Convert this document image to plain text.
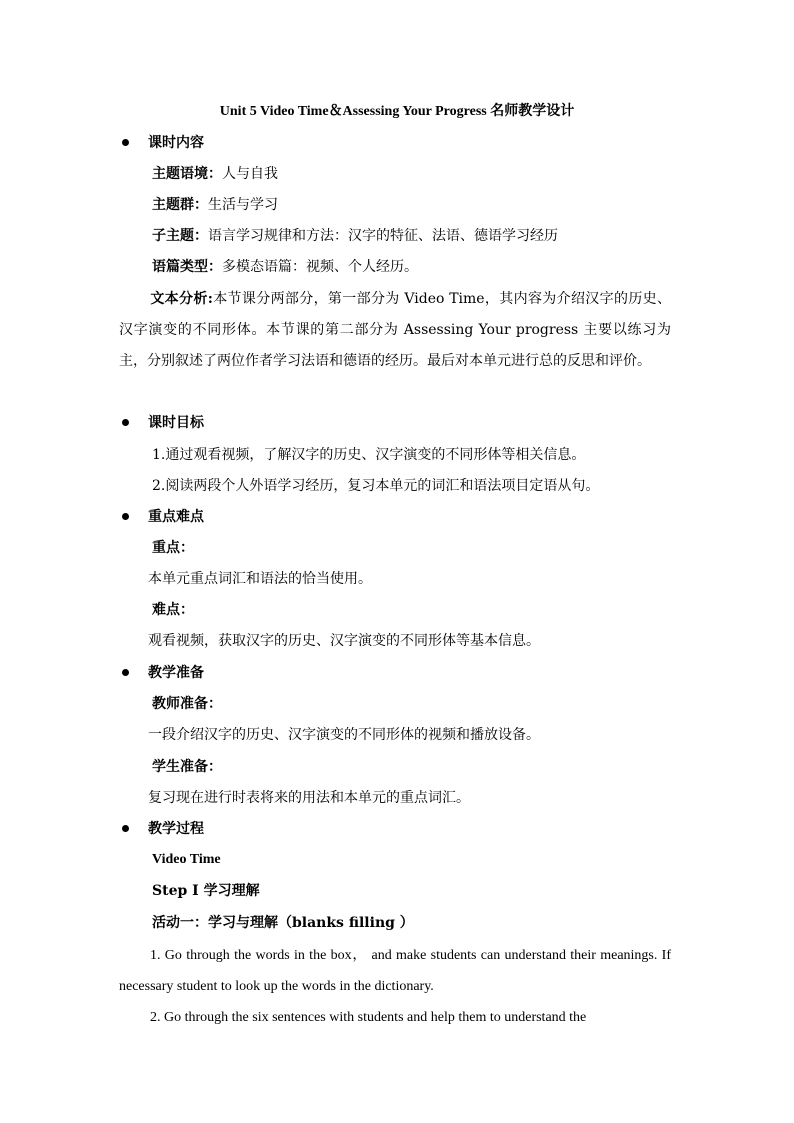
Unit 5 Video Time＆Assessing Your Progress 名师教学设计
课时内容
主题语境：人与自我
主题群：生活与学习
子主题：语言学习规律和方法：汉字的特征、法语、德语学习经历
语篇类型：多模态语篇：视频、个人经历。
文本分析:本节课分两部分，第一部分为 Video Time，其内容为介绍汉字的历史、汉字演变的不同形体。本节课的第二部分为 Assessing Your progress 主要以练习为主，分别叙述了两位作者学习法语和德语的经历。最后对本单元进行总的反思和评价。
课时目标
1.通过观看视频，了解汉字的历史、汉字演变的不同形体等相关信息。
2.阅读两段个人外语学习经历，复习本单元的词汇和语法项目定语从句。
重点难点
重点：
本单元重点词汇和语法的恰当使用。
难点：
观看视频，获取汉字的历史、汉字演变的不同形体等基本信息。
教学准备
教师准备：
一段介绍汉字的历史、汉字演变的不同形体的视频和播放设备。
学生准备：
复习现在进行时表将来的用法和本单元的重点词汇。
教学过程
Video Time
Step Ⅰ 学习理解
活动一：学习与理解（blanks filling ）
1. Go through the words in the box， and make students can understand their meanings. If necessary student to look up the words in the dictionary.
2. Go through the six sentences with students and help them to understand the
